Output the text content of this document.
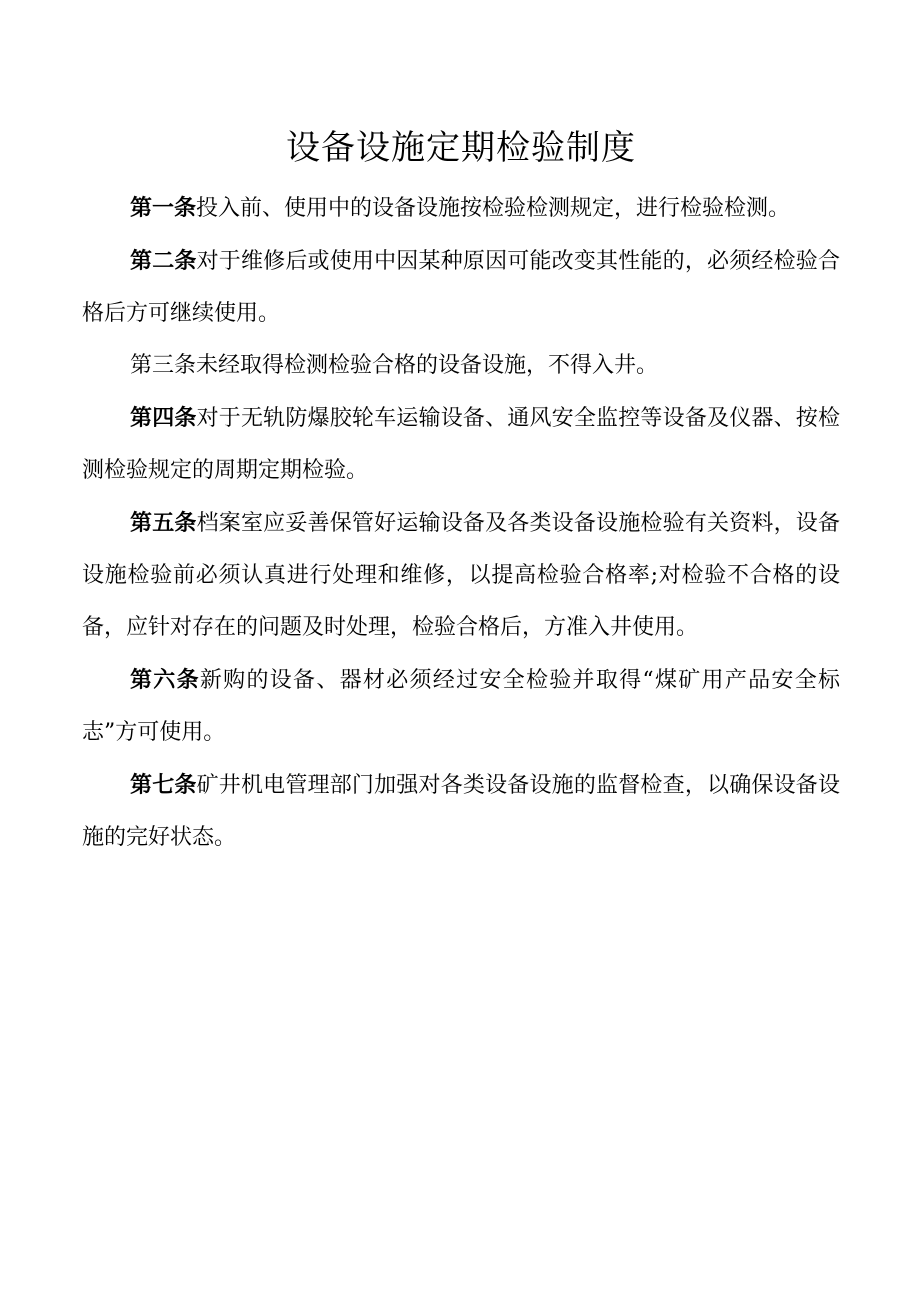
设备设施定期检验制度

第一条投入前、使用中的设备设施按检验检测规定，进行检验检测。

第二条对于维修后或使用中因某种原因可能改变其性能的，必须经检验合格后方可继续使用。

第三条未经取得检测检验合格的设备设施，不得入井。

第四条对于无轨防爆胶轮车运输设备、通风安全监控等设备及仪器、按检测检验规定的周期定期检验。

第五条档案室应妥善保管好运输设备及各类设备设施检验有关资料，设备设施检验前必须认真进行处理和维修，以提高检验合格率;对检验不合格的设备，应针对存在的问题及时处理，检验合格后，方准入井使用。

第六条新购的设备、器材必须经过安全检验并取得“煤矿用产品安全标志”方可使用。

第七条矿井机电管理部门加强对各类设备设施的监督检查，以确保设备设施的完好状态。
